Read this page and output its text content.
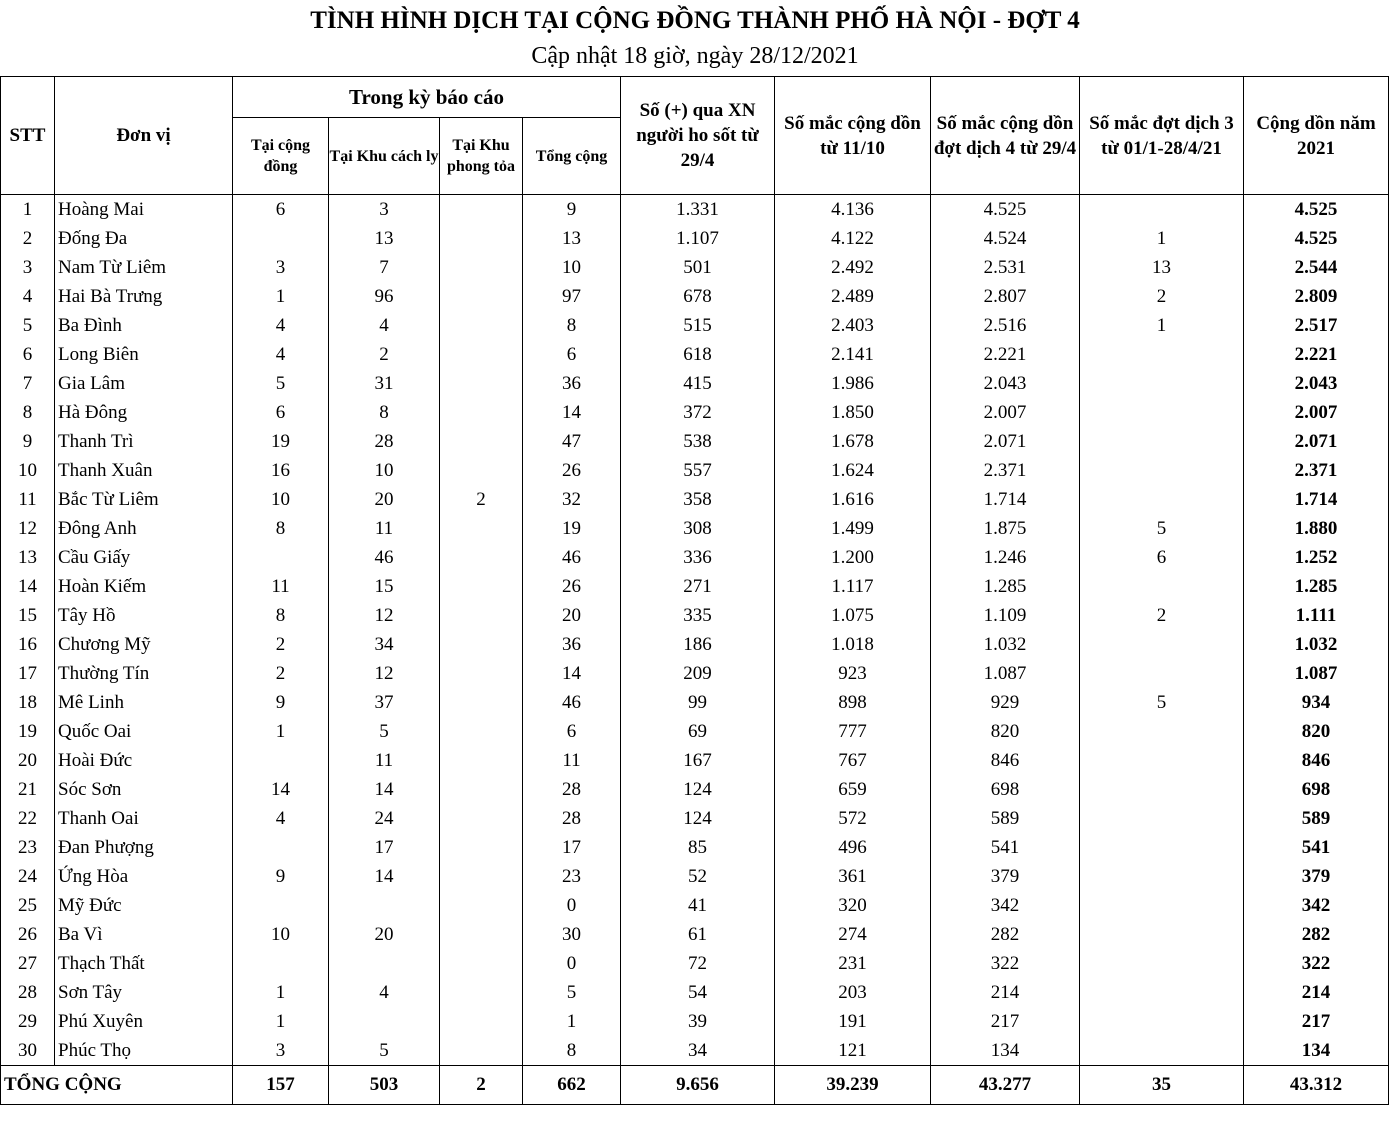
TÌNH HÌNH DỊCH TẠI CỘNG ĐỒNG THÀNH PHỐ HÀ NỘI - ĐỢT 4
Cập nhật 18 giờ, ngày 28/12/2021
STT	Đơn vị	Trong kỳ báo cáo				Số (+) qua XN người ho sốt từ 29/4	Số mắc cộng dồn từ 11/10	Số mắc cộng dồn đợt dịch 4 từ 29/4	Số mắc đợt dịch 3 từ 01/1-28/4/21	Cộng dồn năm 2021
		Tại cộng đồng	Tại Khu cách ly	Tại Khu phong tỏa	Tổng cộng					
1	Hoàng Mai	6	3		9	1.331	4.136	4.525		4.525
2	Đống Đa		13		13	1.107	4.122	4.524	1	4.525
3	Nam Từ Liêm	3	7		10	501	2.492	2.531	13	2.544
4	Hai Bà Trưng	1	96		97	678	2.489	2.807	2	2.809
5	Ba Đình	4	4		8	515	2.403	2.516	1	2.517
6	Long Biên	4	2		6	618	2.141	2.221		2.221
7	Gia Lâm	5	31		36	415	1.986	2.043		2.043
8	Hà Đông	6	8		14	372	1.850	2.007		2.007
9	Thanh Trì	19	28		47	538	1.678	2.071		2.071
10	Thanh Xuân	16	10		26	557	1.624	2.371		2.371
11	Bắc Từ Liêm	10	20	2	32	358	1.616	1.714		1.714
12	Đông Anh	8	11		19	308	1.499	1.875	5	1.880
13	Cầu Giấy		46		46	336	1.200	1.246	6	1.252
14	Hoàn Kiếm	11	15		26	271	1.117	1.285		1.285
15	Tây Hồ	8	12		20	335	1.075	1.109	2	1.111
16	Chương Mỹ	2	34		36	186	1.018	1.032		1.032
17	Thường Tín	2	12		14	209	923	1.087		1.087
18	Mê Linh	9	37		46	99	898	929	5	934
19	Quốc Oai	1	5		6	69	777	820		820
20	Hoài Đức		11		11	167	767	846		846
21	Sóc Sơn	14	14		28	124	659	698		698
22	Thanh Oai	4	24		28	124	572	589		589
23	Đan Phượng		17		17	85	496	541		541
24	Ứng Hòa	9	14		23	52	361	379		379
25	Mỹ Đức				0	41	320	342		342
26	Ba Vì	10	20		30	61	274	282		282
27	Thạch Thất				0	72	231	322		322
28	Sơn Tây	1	4		5	54	203	214		214
29	Phú Xuyên	1			1	39	191	217		217
30	Phúc Thọ	3	5		8	34	121	134		134
TỔNG CỘNG		157	503	2	662	9.656	39.239	43.277	35	43.312
